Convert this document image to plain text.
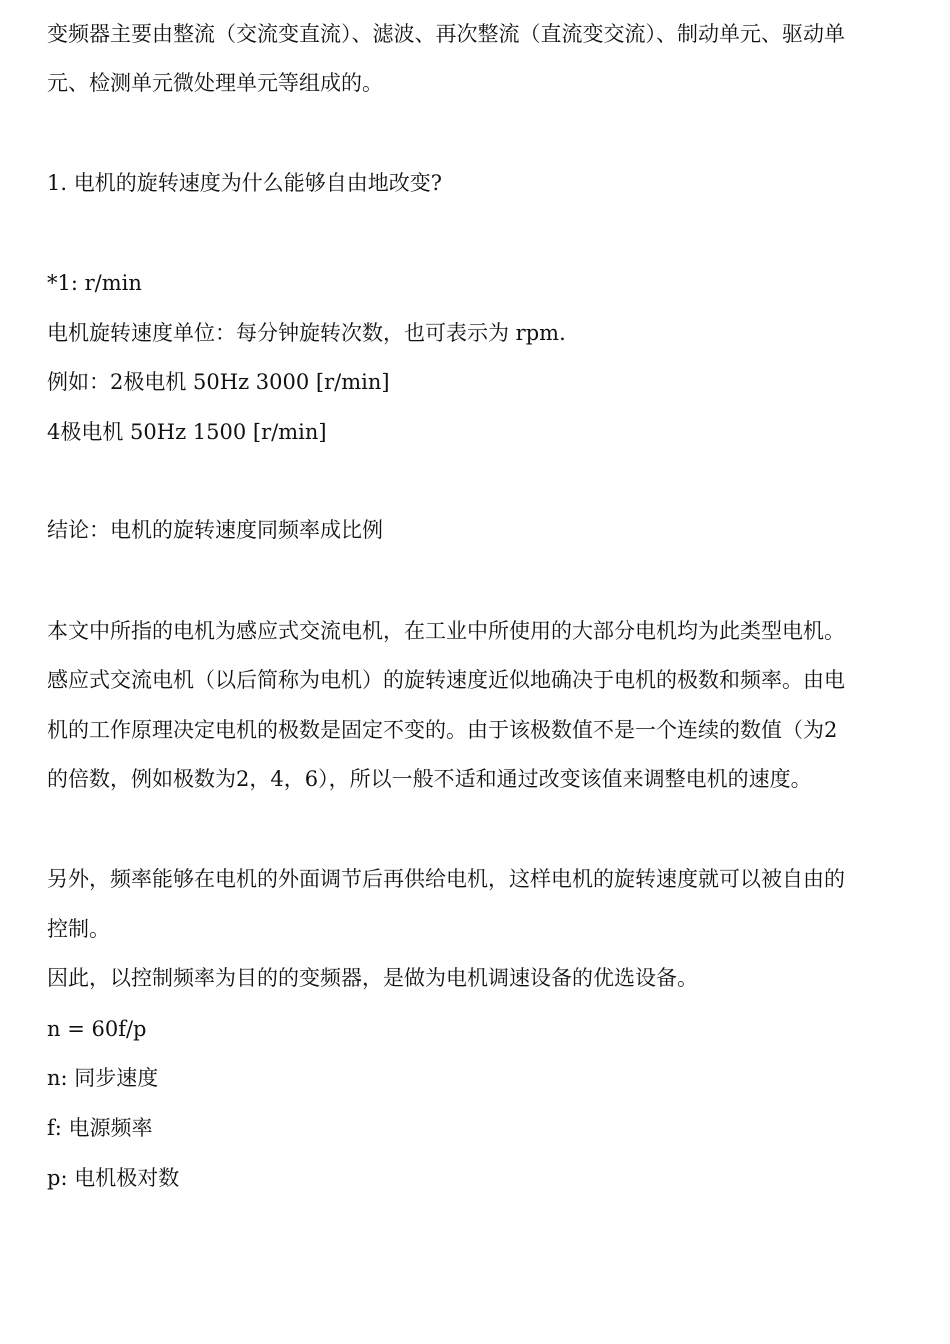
变频器主要由整流（交流变直流）、滤波、再次整流（直流变交流）、制动单元、驱动单
元、检测单元微处理单元等组成的。
1. 电机的旋转速度为什么能够自由地改变?
*1: r/min
电机旋转速度单位：每分钟旋转次数，也可表示为 rpm.
例如：2极电机 50Hz 3000 [r/min]
4极电机 50Hz 1500 [r/min]
结论：电机的旋转速度同频率成比例
本文中所指的电机为感应式交流电机，在工业中所使用的大部分电机均为此类型电机。
感应式交流电机（以后简称为电机）的旋转速度近似地确决于电机的极数和频率。由电
机的工作原理决定电机的极数是固定不变的。由于该极数值不是一个连续的数值（为2
的倍数，例如极数为2，4，6），所以一般不适和通过改变该值来调整电机的速度。
另外，频率能够在电机的外面调节后再供给电机，这样电机的旋转速度就可以被自由的
控制。
因此，以控制频率为目的的变频器，是做为电机调速设备的优选设备。
n = 60f/p
n: 同步速度
f: 电源频率
p: 电机极对数
